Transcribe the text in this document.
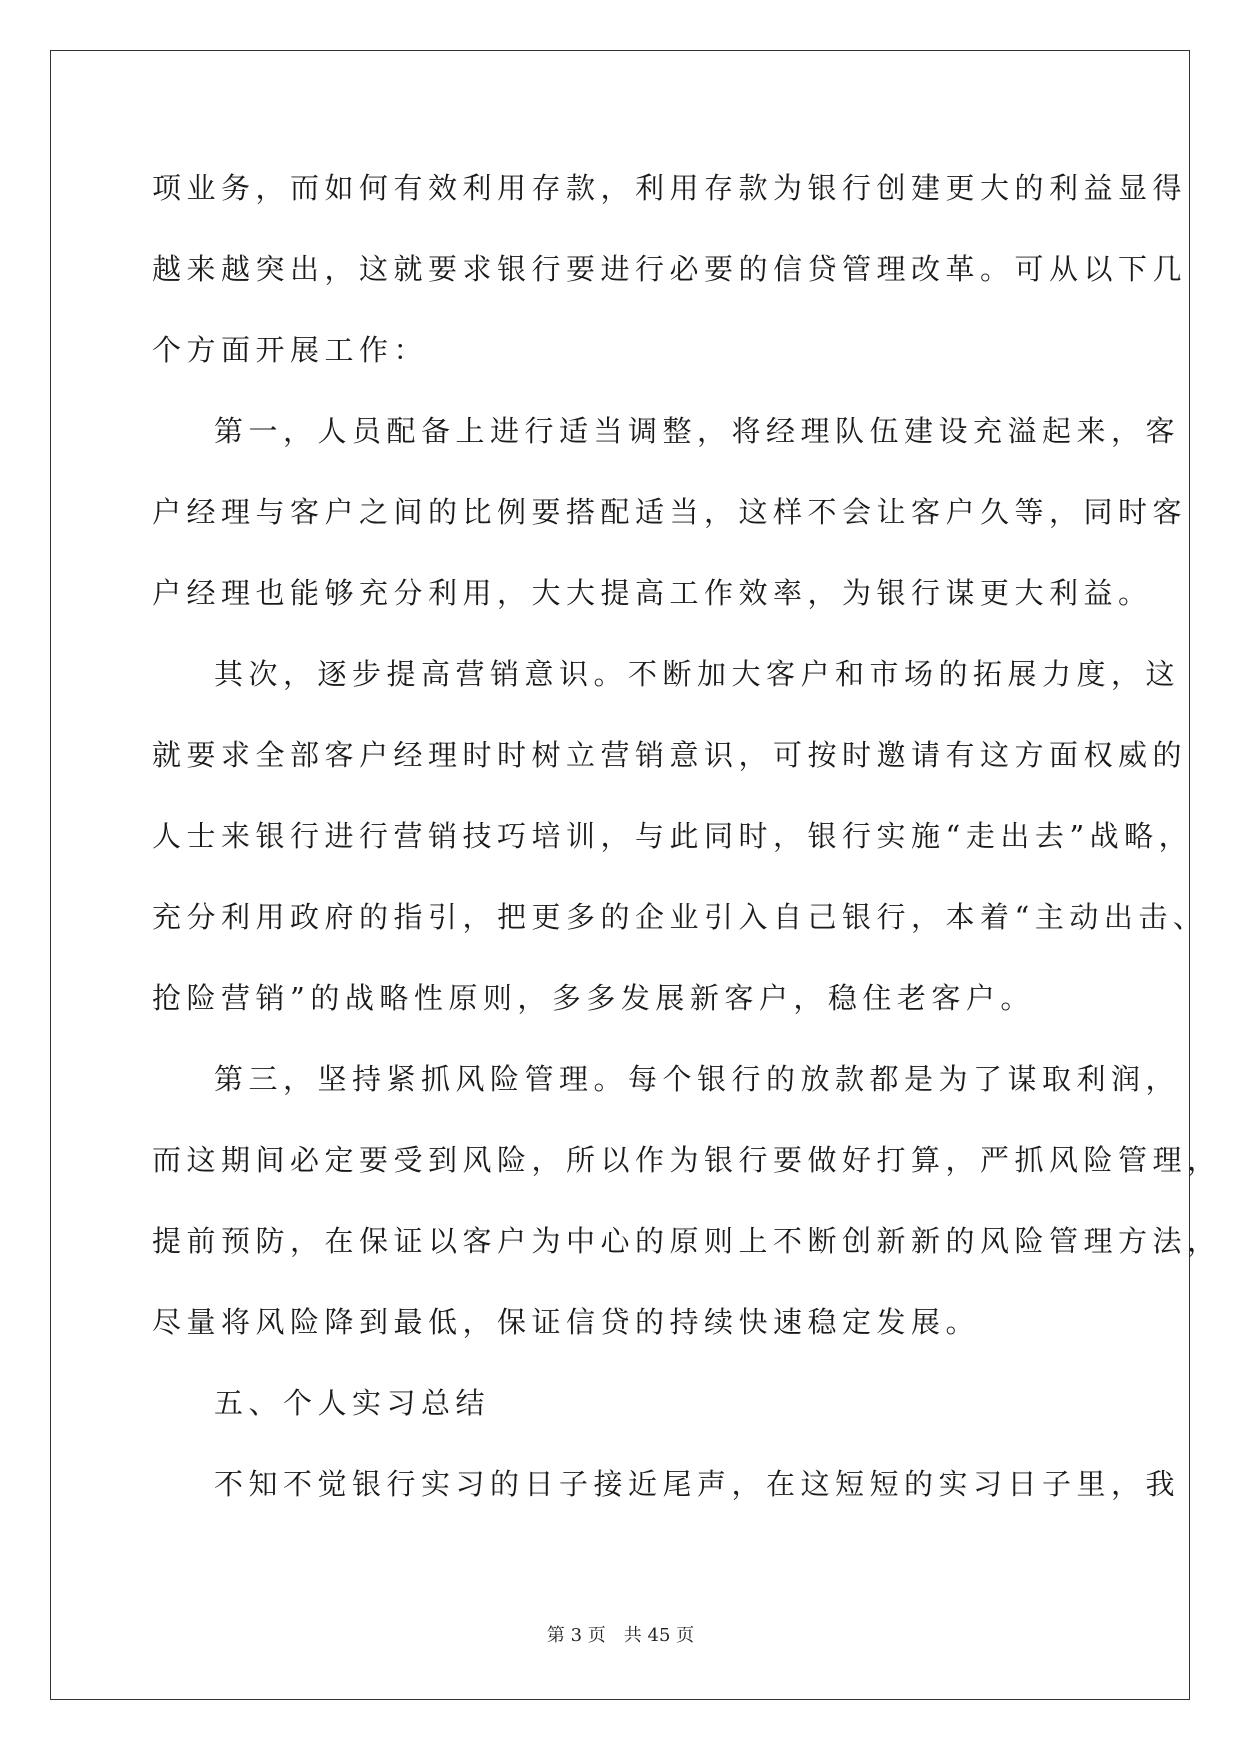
项业务，而如何有效利用存款，利用存款为银行创建更大的利益显得
越来越突出，这就要求银行要进行必要的信贷管理改革。可从以下几
个方面开展工作：
第一，人员配备上进行适当调整，将经理队伍建设充溢起来，客
户经理与客户之间的比例要搭配适当，这样不会让客户久等，同时客
户经理也能够充分利用，大大提高工作效率，为银行谋更大利益。
其次，逐步提高营销意识。不断加大客户和市场的拓展力度，这
就要求全部客户经理时时树立营销意识，可按时邀请有这方面权威的
人士来银行进行营销技巧培训，与此同时，银行实施“走出去”战略，
充分利用政府的指引，把更多的企业引入自己银行，本着“主动出击、
抢险营销”的战略性原则，多多发展新客户，稳住老客户。
第三，坚持紧抓风险管理。每个银行的放款都是为了谋取利润，
而这期间必定要受到风险，所以作为银行要做好打算，严抓风险管理，
提前预防，在保证以客户为中心的原则上不断创新新的风险管理方法，
尽量将风险降到最低，保证信贷的持续快速稳定发展。
五、个人实习总结
不知不觉银行实习的日子接近尾声，在这短短的实习日子里，我
第 3 页　共 45 页
